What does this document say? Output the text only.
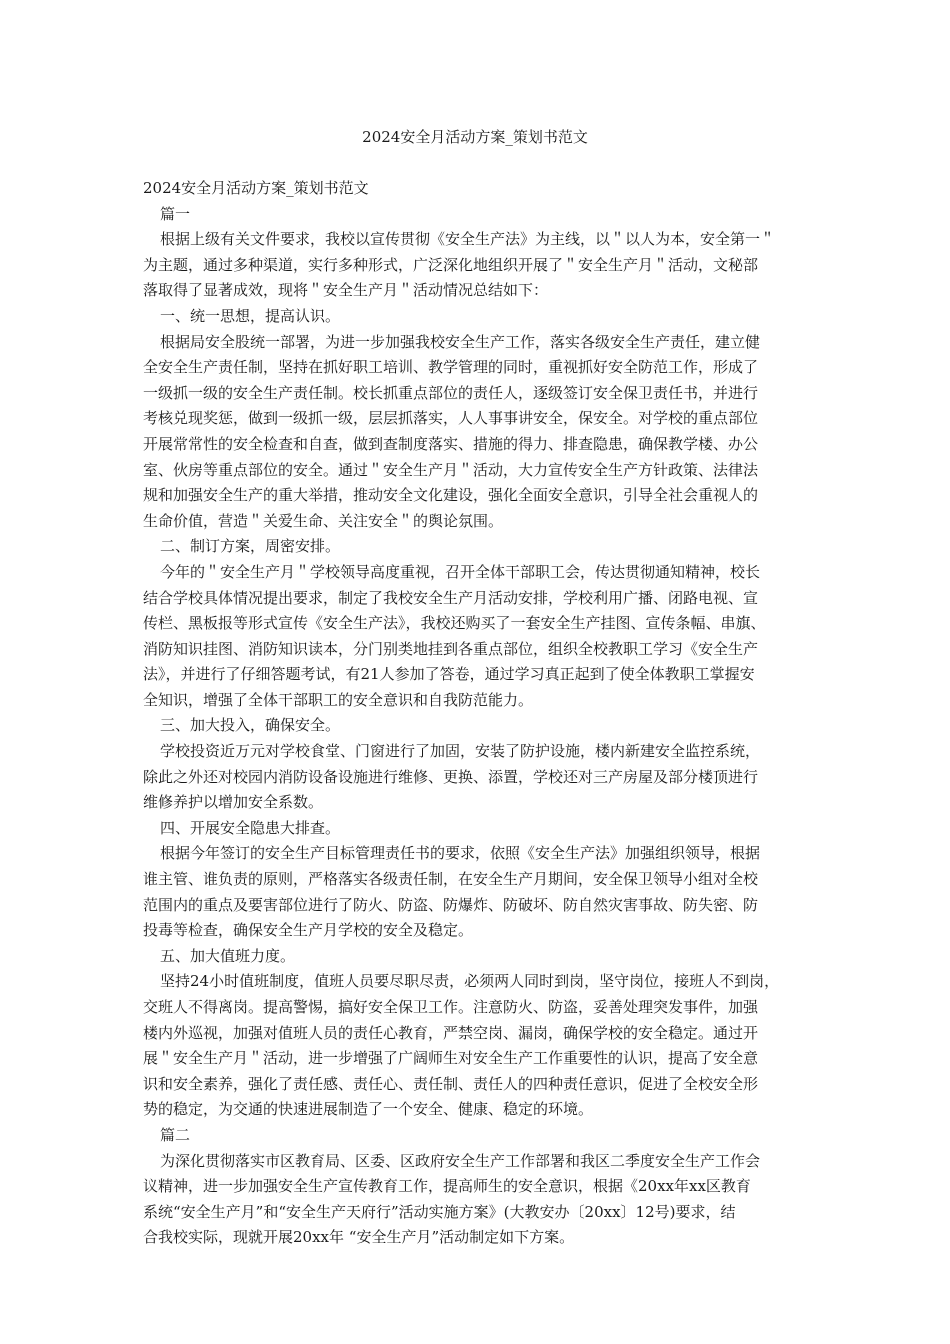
2024安全月活动方案_策划书范文
2024安全月活动方案_策划书范文
篇一
根据上级有关文件要求，我校以宣传贯彻《安全生产法》为主线，以＂以人为本，安全第一＂
为主题，通过多种渠道，实行多种形式，广泛深化地组织开展了＂安全生产月＂活动，文秘部
落取得了显著成效，现将＂安全生产月＂活动情况总结如下：
一、统一思想，提高认识。
根据局安全股统一部署，为进一步加强我校安全生产工作，落实各级安全生产责任，建立健
全安全生产责任制，坚持在抓好职工培训、教学管理的同时，重视抓好安全防范工作，形成了
一级抓一级的安全生产责任制。校长抓重点部位的责任人，逐级签订安全保卫责任书，并进行
考核兑现奖惩，做到一级抓一级，层层抓落实，人人事事讲安全，保安全。对学校的重点部位
开展常常性的安全检查和自查，做到查制度落实、措施的得力、排查隐患，确保教学楼、办公
室、伙房等重点部位的安全。通过＂安全生产月＂活动，大力宣传安全生产方针政策、法律法
规和加强安全生产的重大举措，推动安全文化建设，强化全面安全意识，引导全社会重视人的
生命价值，营造＂关爱生命、关注安全＂的舆论氛围。
二、制订方案，周密安排。
今年的＂安全生产月＂学校领导高度重视，召开全体干部职工会，传达贯彻通知精神，校长
结合学校具体情况提出要求，制定了我校安全生产月活动安排，学校利用广播、闭路电视、宣
传栏、黑板报等形式宣传《安全生产法》，我校还购买了一套安全生产挂图、宣传条幅、串旗、
消防知识挂图、消防知识读本，分门别类地挂到各重点部位，组织全校教职工学习《安全生产
法》，并进行了仔细答题考试，有21人参加了答卷，通过学习真正起到了使全体教职工掌握安
全知识，增强了全体干部职工的安全意识和自我防范能力。
三、加大投入，确保安全。
学校投资近万元对学校食堂、门窗进行了加固，安装了防护设施，楼内新建安全监控系统，
除此之外还对校园内消防设备设施进行维修、更换、添置，学校还对三产房屋及部分楼顶进行
维修养护以增加安全系数。
四、开展安全隐患大排查。
根据今年签订的安全生产目标管理责任书的要求，依照《安全生产法》加强组织领导，根据
谁主管、谁负责的原则，严格落实各级责任制，在安全生产月期间，安全保卫领导小组对全校
范围内的重点及要害部位进行了防火、防盗、防爆炸、防破坏、防自然灾害事故、防失密、防
投毒等检查，确保安全生产月学校的安全及稳定。
五、加大值班力度。
坚持24小时值班制度，值班人员要尽职尽责，必须两人同时到岗，坚守岗位，接班人不到岗，
交班人不得离岗。提高警惕，搞好安全保卫工作。注意防火、防盗，妥善处理突发事件，加强
楼内外巡视，加强对值班人员的责任心教育，严禁空岗、漏岗，确保学校的安全稳定。通过开
展＂安全生产月＂活动，进一步增强了广阔师生对安全生产工作重要性的认识，提高了安全意
识和安全素养，强化了责任感、责任心、责任制、责任人的四种责任意识，促进了全校安全形
势的稳定，为交通的快速进展制造了一个安全、健康、稳定的环境。
篇二
为深化贯彻落实市区教育局、区委、区政府安全生产工作部署和我区二季度安全生产工作会
议精神，进一步加强安全生产宣传教育工作，提高师生的安全意识，根据《20xx年xx区教育
系统“安全生产月”和“安全生产天府行”活动实施方案》(大教安办〔20xx〕12号)要求，结
合我校实际，现就开展20xx年 “安全生产月”活动制定如下方案。
